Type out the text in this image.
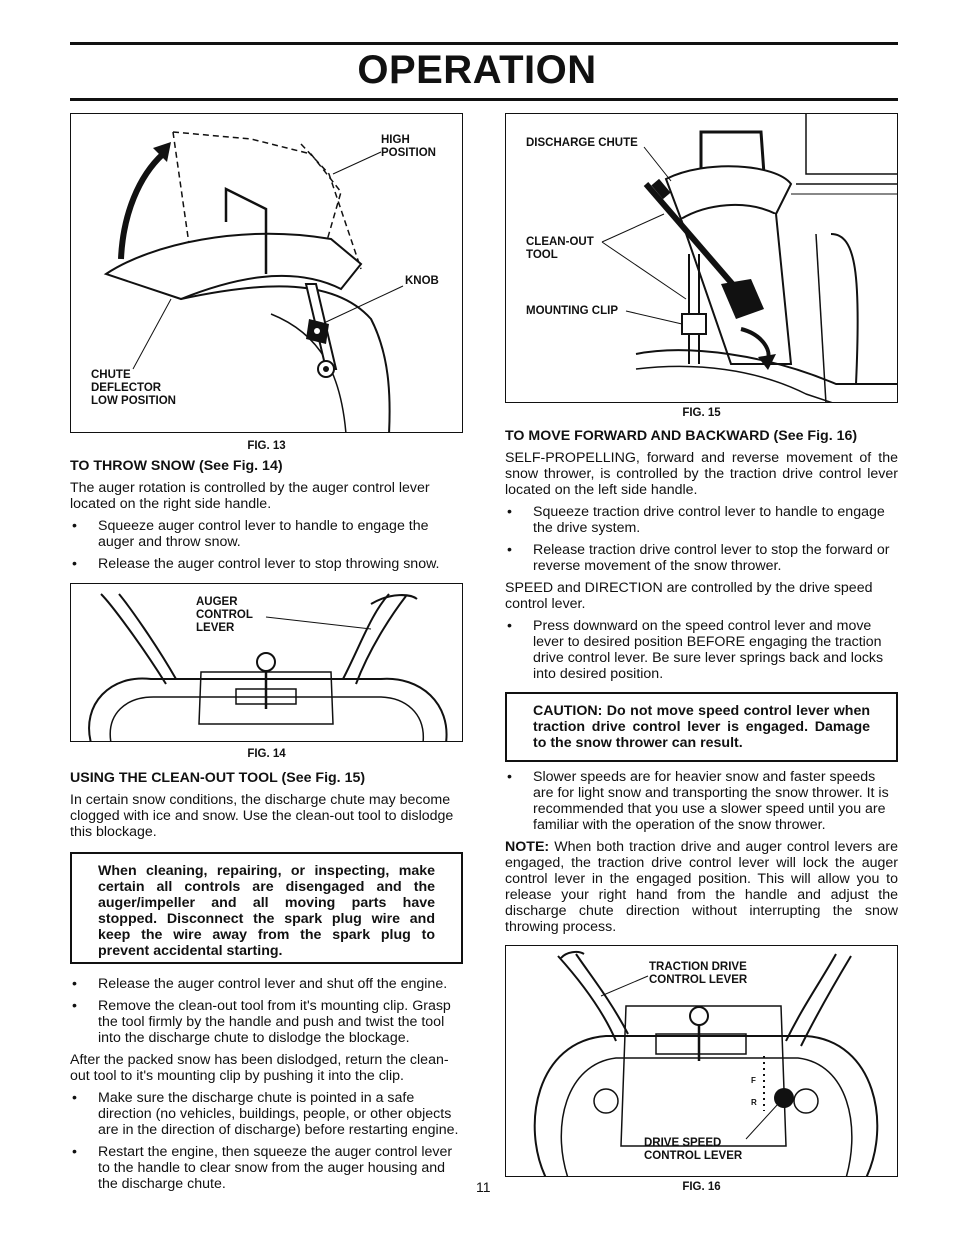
OPERATION
HIGH POSITION
KNOB
CHUTE DEFLECTOR LOW POSITION
FIG. 13
TO THROW SNOW (See Fig. 14)

The auger rotation is controlled by the auger control lever located on the right side handle.

• Squeeze auger control lever to handle to engage the auger and throw snow.
• Release the auger control lever to stop throwing snow.
AUGER CONTROL LEVER
FIG. 14
USING THE CLEAN-OUT TOOL (See Fig. 15)

In certain snow conditions, the discharge chute may become clogged with ice and snow. Use the clean-out tool to dislodge this blockage.

When cleaning, repairing, or inspecting, make certain all controls are disengaged and the auger/impeller and all moving parts have stopped. Disconnect the spark plug wire and keep the wire away from the spark plug to prevent accidental starting.

• Release the auger control lever and shut off the engine.
• Remove the clean-out tool from it's mounting clip. Grasp the tool firmly by the handle and push and twist the tool into the discharge chute to dislodge the blockage.

After the packed snow has been dislodged, return the clean-out tool to it's mounting clip by pushing it into the clip.

• Make sure the discharge chute is pointed in a safe direction (no vehicles, buildings, people, or other objects are in the direction of discharge) before restarting engine.
• Restart the engine, then squeeze the auger control lever to the handle to clear snow from the auger housing and the discharge chute.
DISCHARGE CHUTE
CLEAN-OUT TOOL
MOUNTING CLIP
FIG. 15
TO MOVE FORWARD AND BACKWARD (See Fig. 16)

SELF-PROPELLING, forward and reverse movement of the snow thrower, is controlled by the traction drive control lever located on the left side handle.

• Squeeze traction drive control lever to handle to engage the drive system.
• Release traction drive control lever to stop the forward or reverse movement of the snow thrower.

SPEED and DIRECTION are controlled by the drive speed control lever.

• Press downward on the speed control lever and move lever to desired position BEFORE engaging the traction drive control lever. Be sure lever springs back and locks into desired position.

CAUTION: Do not move speed control lever when traction drive control lever is engaged. Damage to the snow thrower can result.

• Slower speeds are for heavier snow and faster speeds are for light snow and transporting the snow thrower. It is recommended that you use a slower speed until you are familiar with the operation of the snow thrower.

NOTE: When both traction drive and auger control levers are engaged, the traction drive control lever will lock the auger control lever in the engaged position. This will allow you to release your right hand from the handle and adjust the discharge chute direction without interrupting the snow throwing process.

F
R
TRACTION DRIVE CONTROL LEVER
DRIVE SPEED CONTROL LEVER
FIG. 16
11
